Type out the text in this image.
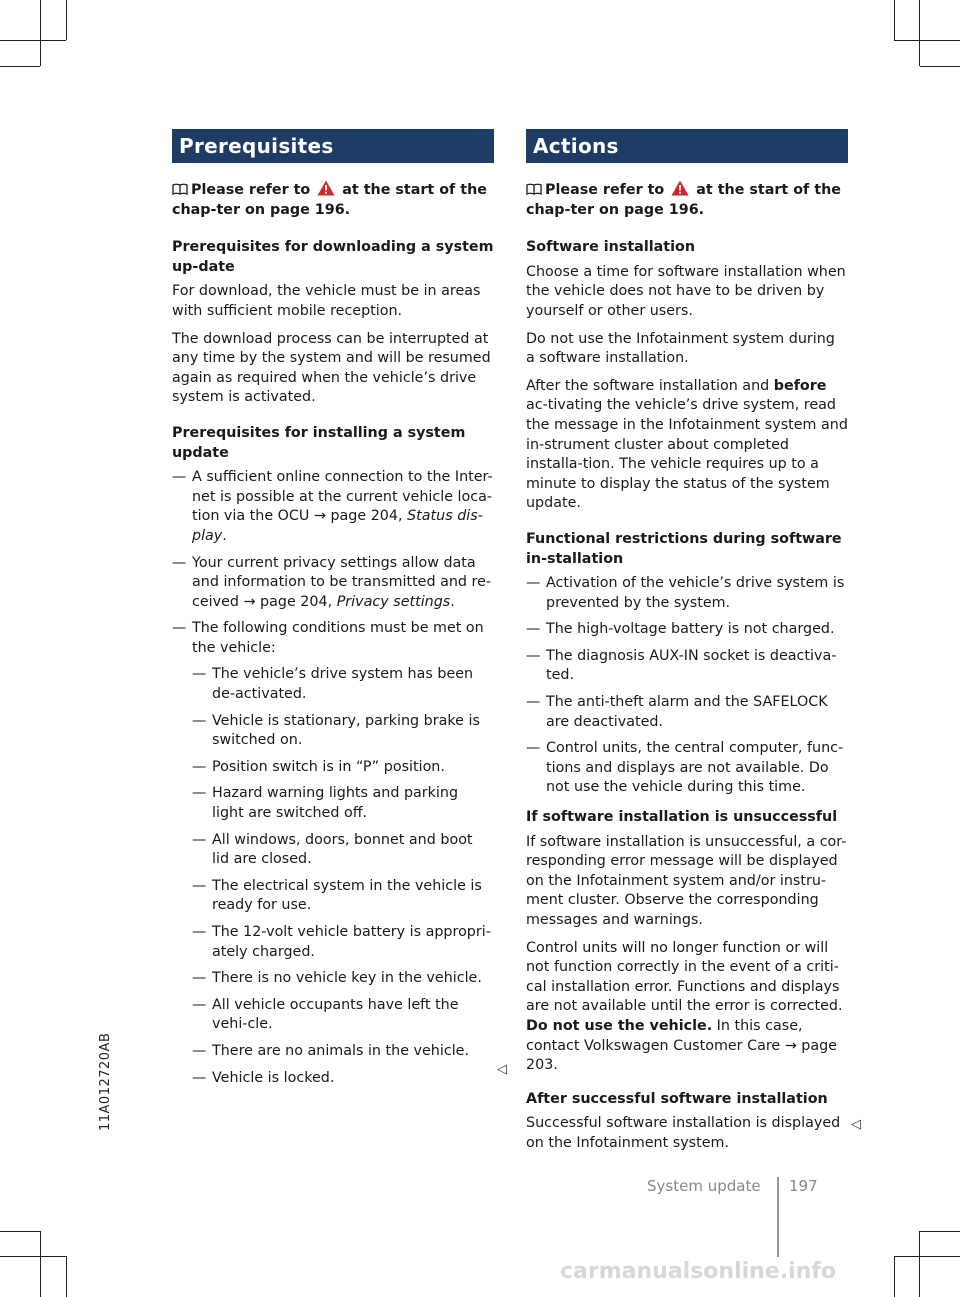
11A012720AB
Prerequisites
Please refer to at the start of the chap-ter on page 196.
Prerequisites for downloading a system up-date

For download, the vehicle must be in areas with sufficient mobile reception.

The download process can be interrupted at any time by the system and will be resumed again as required when the vehicle’s drive system is activated.

Prerequisites for installing a system update
— A sufficient online connection to the Inter-net is possible at the current vehicle loca-tion via the OCU → page 204, Status dis-play.
— Your current privacy settings allow data and information to be transmitted and re-ceived → page 204, Privacy settings.
— The following conditions must be met on the vehicle:
— The vehicle’s drive system has been de-activated.
— Vehicle is stationary, parking brake is switched on.
— Position switch is in “P” position.
— Hazard warning lights and parking light are switched off.
— All windows, doors, bonnet and boot lid are closed.
— The electrical system in the vehicle is ready for use.
— The 12-volt vehicle battery is appropri-ately charged.
— There is no vehicle key in the vehicle.
— All vehicle occupants have left the vehi-cle.
— There are no animals in the vehicle.
— Vehicle is locked.
◁
Actions
Please refer to at the start of the chap-ter on page 196.
Software installation

Choose a time for software installation when the vehicle does not have to be driven by yourself or other users.

Do not use the Infotainment system during a software installation.

After the software installation and before ac-tivating the vehicle’s drive system, read the message in the Infotainment system and in-strument cluster about completed installa-tion. The vehicle requires up to a minute to display the status of the system update.

Functional restrictions during software in-stallation
— Activation of the vehicle’s drive system is prevented by the system.
— The high-voltage battery is not charged.
— The diagnosis AUX-IN socket is deactiva-ted.
— The anti-theft alarm and the SAFELOCK are deactivated.
— Control units, the central computer, func-tions and displays are not available. Do not use the vehicle during this time.
If software installation is unsuccessful

If software installation is unsuccessful, a cor-responding error message will be displayed on the Infotainment system and/or instru-ment cluster. Observe the corresponding messages and warnings.

Control units will no longer function or will not function correctly in the event of a criti-cal installation error. Functions and displays are not available until the error is corrected. Do not use the vehicle. In this case, contact Volkswagen Customer Care → page 203.

After successful software installation

Successful software installation is displayed on the Infotainment system.

◁
System update 197
carmanualsonline.info
